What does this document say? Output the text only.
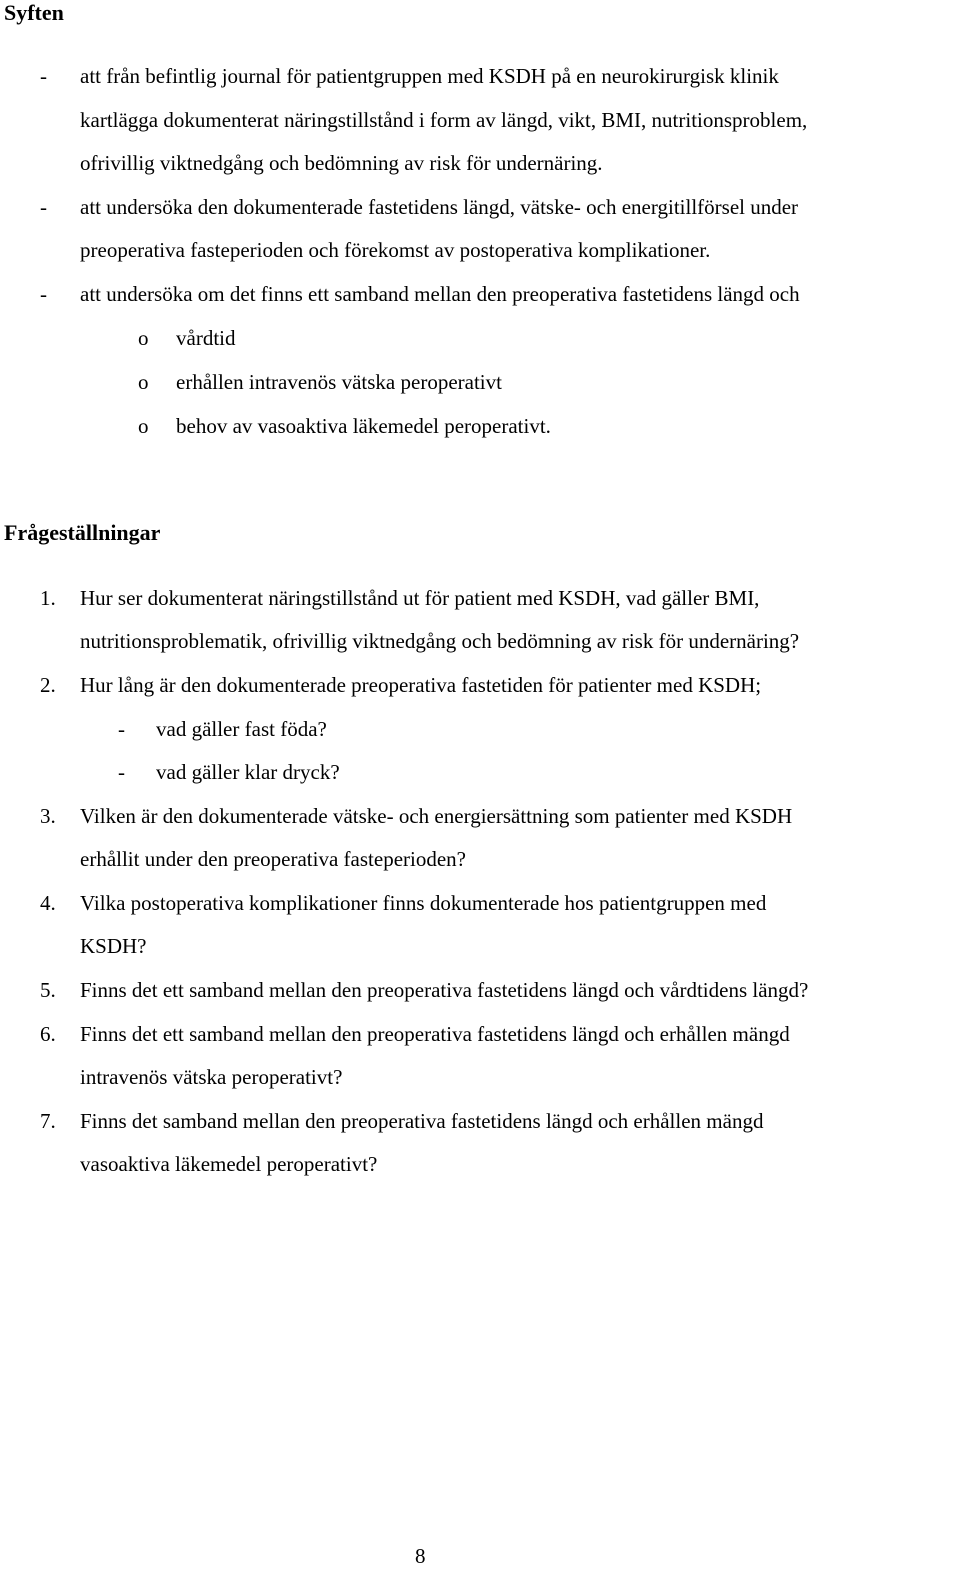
Syften
- att från befintlig journal för patientgruppen med KSDH på en neurokirurgisk klinik
kartlägga dokumenterat näringstillstånd i form av längd, vikt, BMI, nutritionsproblem,
ofrivillig viktnedgång och bedömning av risk för undernäring.
- att undersöka den dokumenterade fastetidens längd, vätske- och energitillförsel under
preoperativa fasteperioden och förekomst av postoperativa komplikationer.
- att undersöka om det finns ett samband mellan den preoperativa fastetidens längd och
o vårdtid
o erhållen intravenös vätska peroperativt
o behov av vasoaktiva läkemedel peroperativt.
Frågeställningar
1. Hur ser dokumenterat näringstillstånd ut för patient med KSDH, vad gäller BMI,
nutritionsproblematik, ofrivillig viktnedgång och bedömning av risk för undernäring?
2. Hur lång är den dokumenterade preoperativa fastetiden för patienter med KSDH;
- vad gäller fast föda?
- vad gäller klar dryck?
3. Vilken är den dokumenterade vätske- och energiersättning som patienter med KSDH
erhållit under den preoperativa fasteperioden?
4. Vilka postoperativa komplikationer finns dokumenterade hos patientgruppen med
KSDH?
5. Finns det ett samband mellan den preoperativa fastetidens längd och vårdtidens längd?
6. Finns det ett samband mellan den preoperativa fastetidens längd och erhållen mängd
intravenös vätska peroperativt?
7. Finns det samband mellan den preoperativa fastetidens längd och erhållen mängd
vasoaktiva läkemedel peroperativt?
8
